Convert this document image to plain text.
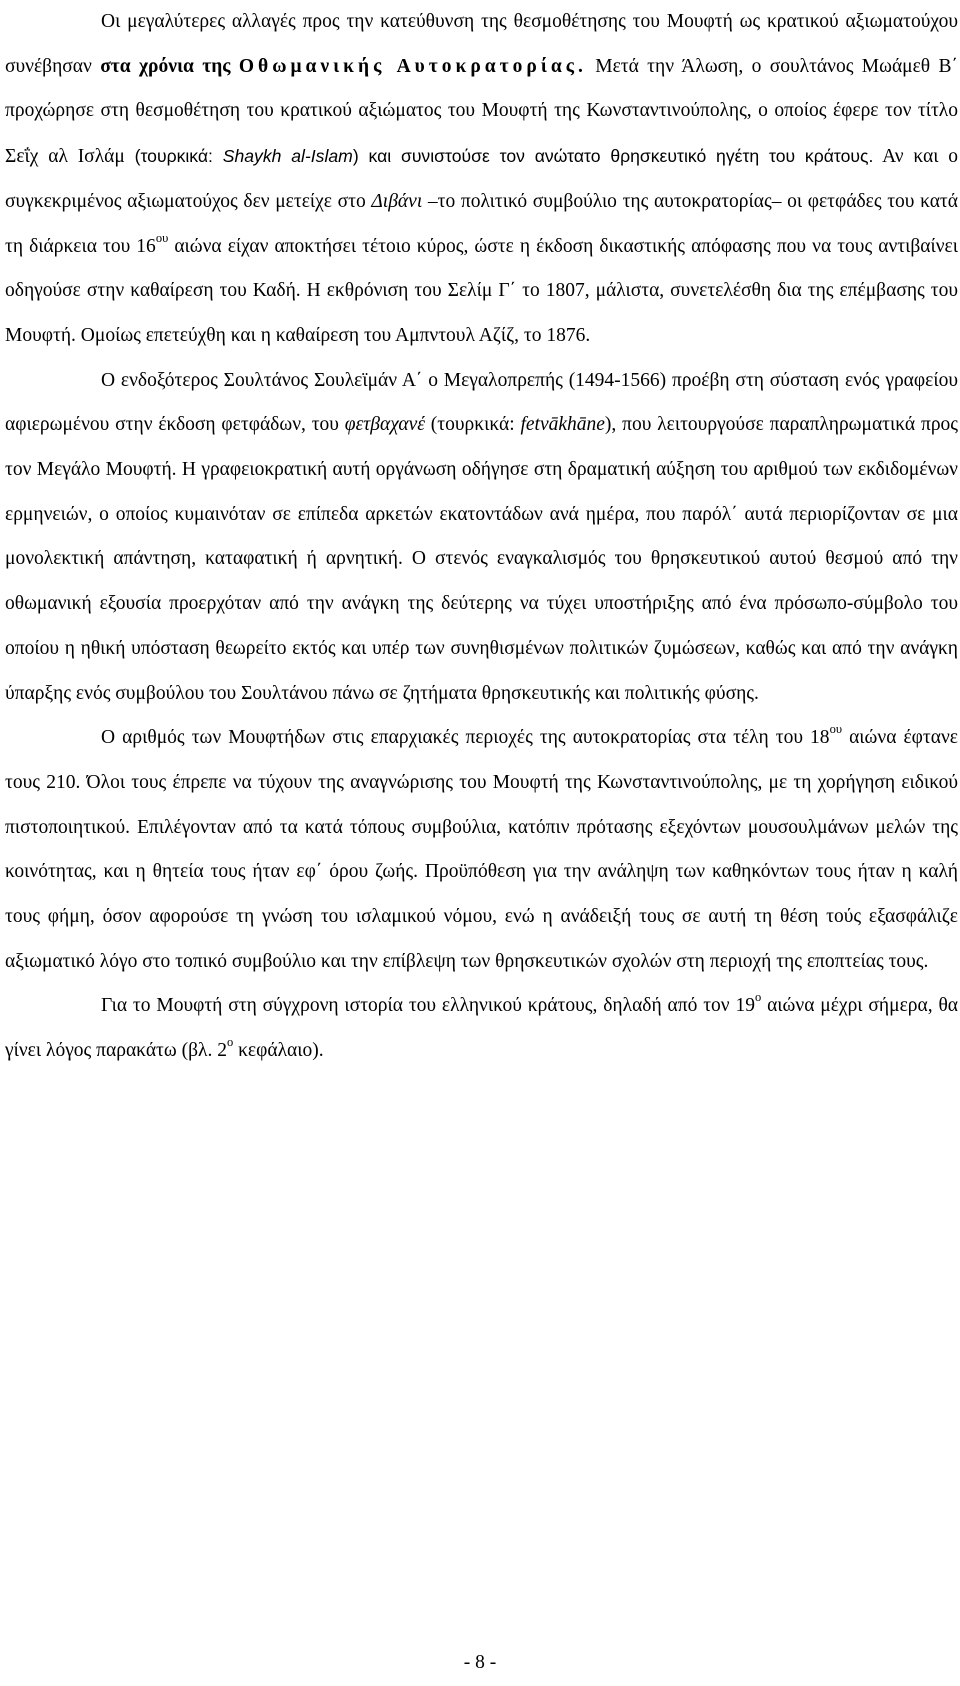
Οι μεγαλύτερες αλλαγές προς την κατεύθυνση της θεσμοθέτησης του Μουφτή ως κρατικού αξιωματούχου συνέβησαν στα χρόνια της Οθωμανικής Αυτοκρατορίας. Μετά την Άλωση, ο σουλτάνος Μωάμεθ Β΄ προχώρησε στη θεσμοθέτηση του κρατικού αξιώματος του Μουφτή της Κωνσταντινούπολης, ο οποίος έφερε τον τίτλο Σεΐχ αλ Ισλάμ (τουρκικά: Shaykh al-Islam) και συνιστούσε τον ανώτατο θρησκευτικό ηγέτη του κράτους. Αν και ο συγκεκριμένος αξιωματούχος δεν μετείχε στο Διβάνι –το πολιτικό συμβούλιο της αυτοκρατορίας– οι φετφάδες του κατά τη διάρκεια του $16^{o\upsilon}$ αιώνα είχαν αποκτήσει τέτοιο κύρος, ώστε η έκδοση δικαστικής απόφασης που να τους αντιβαίνει οδηγούσε στην καθαίρεση του Καδή. Η εκθρόνιση του Σελίμ Γ΄ το 1807, μάλιστα, συνετελέσθη δια της επέμβασης του Μουφτή. Ομοίως επετεύχθη και η καθαίρεση του Αμπντουλ Αζίζ, το 1876.

Ο ενδοξότερος Σουλτάνος Σουλεϊμάν Α΄ ο Μεγαλοπρεπής (1494-1566) προέβη στη σύσταση ενός γραφείου αφιερωμένου στην έκδοση φετφάδων, του φετβαχανέ (τουρκικά: fetvākhāne), που λειτουργούσε παραπληρωματικά προς τον Μεγάλο Μουφτή. Η γραφειοκρατική αυτή οργάνωση οδήγησε στη δραματική αύξηση του αριθμού των εκδιδομένων ερμηνειών, ο οποίος κυμαινόταν σε επίπεδα αρκετών εκατοντάδων ανά ημέρα, που παρόλ΄ αυτά περιορίζονταν σε μια μονολεκτική απάντηση, καταφατική ή αρνητική. Ο στενός εναγκαλισμός του θρησκευτικού αυτού θεσμού από την οθωμανική εξουσία προερχόταν από την ανάγκη της δεύτερης να τύχει υποστήριξης από ένα πρόσωπο-σύμβολο του οποίου η ηθική υπόσταση θεωρείτο εκτός και υπέρ των συνηθισμένων πολιτικών ζυμώσεων, καθώς και από την ανάγκη ύπαρξης ενός συμβούλου του Σουλτάνου πάνω σε ζητήματα θρησκευτικής και πολιτικής φύσης.

Ο αριθμός των Μουφτήδων στις επαρχιακές περιοχές της αυτοκρατορίας στα τέλη του $18^{o\upsilon}$ αιώνα έφτανε τους 210. Όλοι τους έπρεπε να τύχουν της αναγνώρισης του Μουφτή της Κωνσταντινούπολης, με τη χορήγηση ειδικού πιστοποιητικού. Επιλέγονταν από τα κατά τόπους συμβούλια, κατόπιν πρότασης εξεχόντων μουσουλμάνων μελών της κοινότητας, και η θητεία τους ήταν εφ΄ όρου ζωής. Προϋπόθεση για την ανάληψη των καθηκόντων τους ήταν η καλή τους φήμη, όσον αφορούσε τη γνώση του ισλαμικού νόμου, ενώ η ανάδειξή τους σε αυτή τη θέση τούς εξασφάλιζε αξιωματικό λόγο στο τοπικό συμβούλιο και την επίβλεψη των θρησκευτικών σχολών στη περιοχή της εποπτείας τους.

Για το Μουφτή στη σύγχρονη ιστορία του ελληνικού κράτους, δηλαδή από τον $19^o$ αιώνα μέχρι σήμερα, θα γίνει λόγος παρακάτω (βλ. $2^o$ κεφάλαιο).

- 8 -
